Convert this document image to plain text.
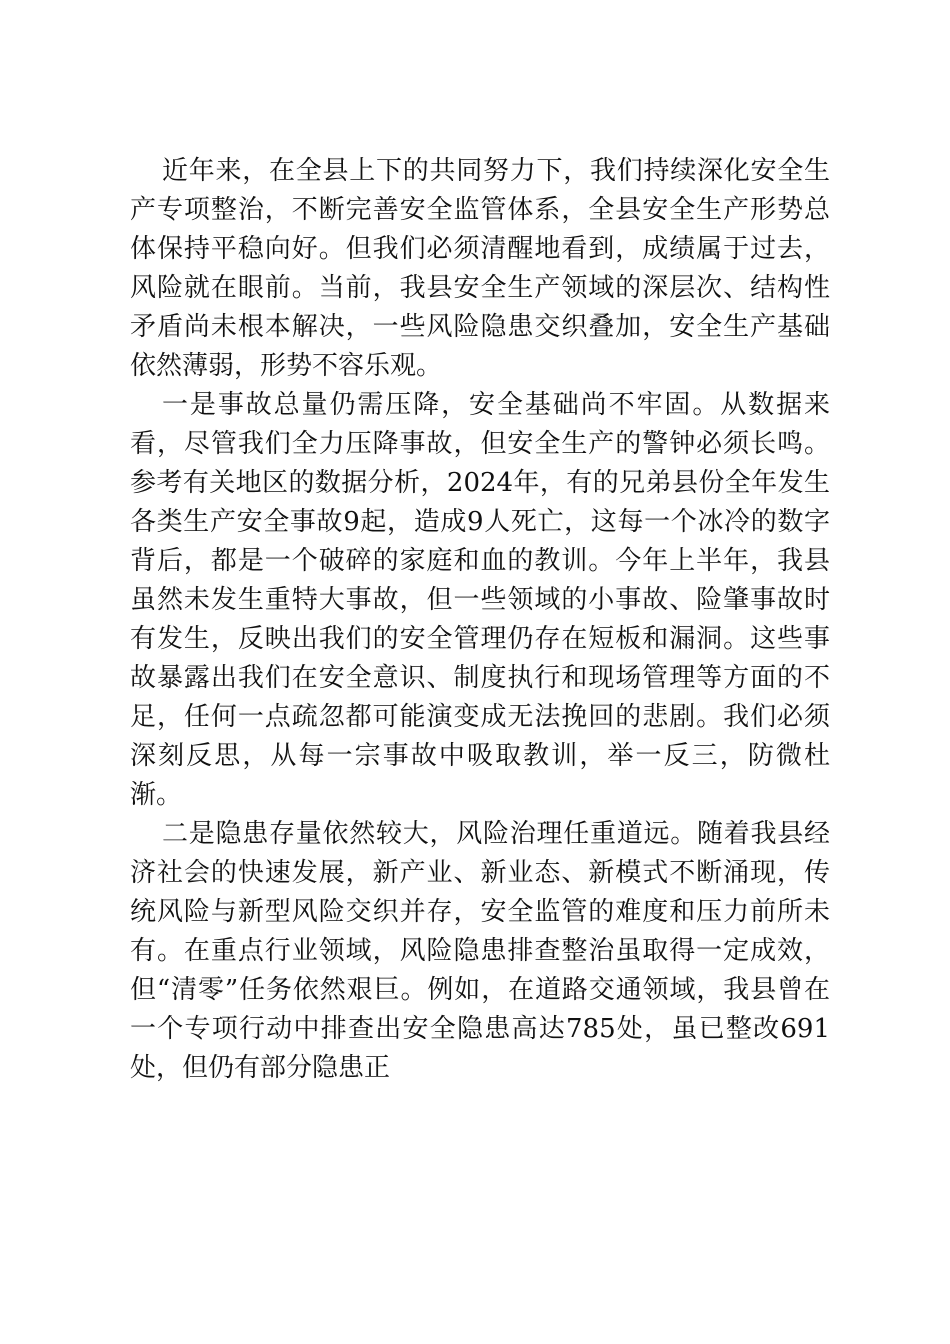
近年来，在全县上下的共同努力下，我们持续深化安全生产专项整治，不断完善安全监管体系，全县安全生产形势总体保持平稳向好。但我们必须清醒地看到，成绩属于过去，风险就在眼前。当前，我县安全生产领域的深层次、结构性矛盾尚未根本解决，一些风险隐患交织叠加，安全生产基础依然薄弱，形势不容乐观。

一是事故总量仍需压降，安全基础尚不牢固。从数据来看，尽管我们全力压降事故，但安全生产的警钟必须长鸣。参考有关地区的数据分析，2024年，有的兄弟县份全年发生各类生产安全事故9起，造成9人死亡，这每一个冰冷的数字背后，都是一个破碎的家庭和血的教训。今年上半年，我县虽然未发生重特大事故，但一些领域的小事故、险肇事故时有发生，反映出我们的安全管理仍存在短板和漏洞。这些事故暴露出我们在安全意识、制度执行和现场管理等方面的不足，任何一点疏忽都可能演变成无法挽回的悲剧。我们必须深刻反思，从每一宗事故中吸取教训，举一反三，防微杜渐。

二是隐患存量依然较大，风险治理任重道远。随着我县经济社会的快速发展，新产业、新业态、新模式不断涌现，传统风险与新型风险交织并存，安全监管的难度和压力前所未有。在重点行业领域，风险隐患排查整治虽取得一定成效，但“清零”任务依然艰巨。例如，在道路交通领域，我县曾在一个专项行动中排查出安全隐患高达785处，虽已整改691处，但仍有部分隐患正
